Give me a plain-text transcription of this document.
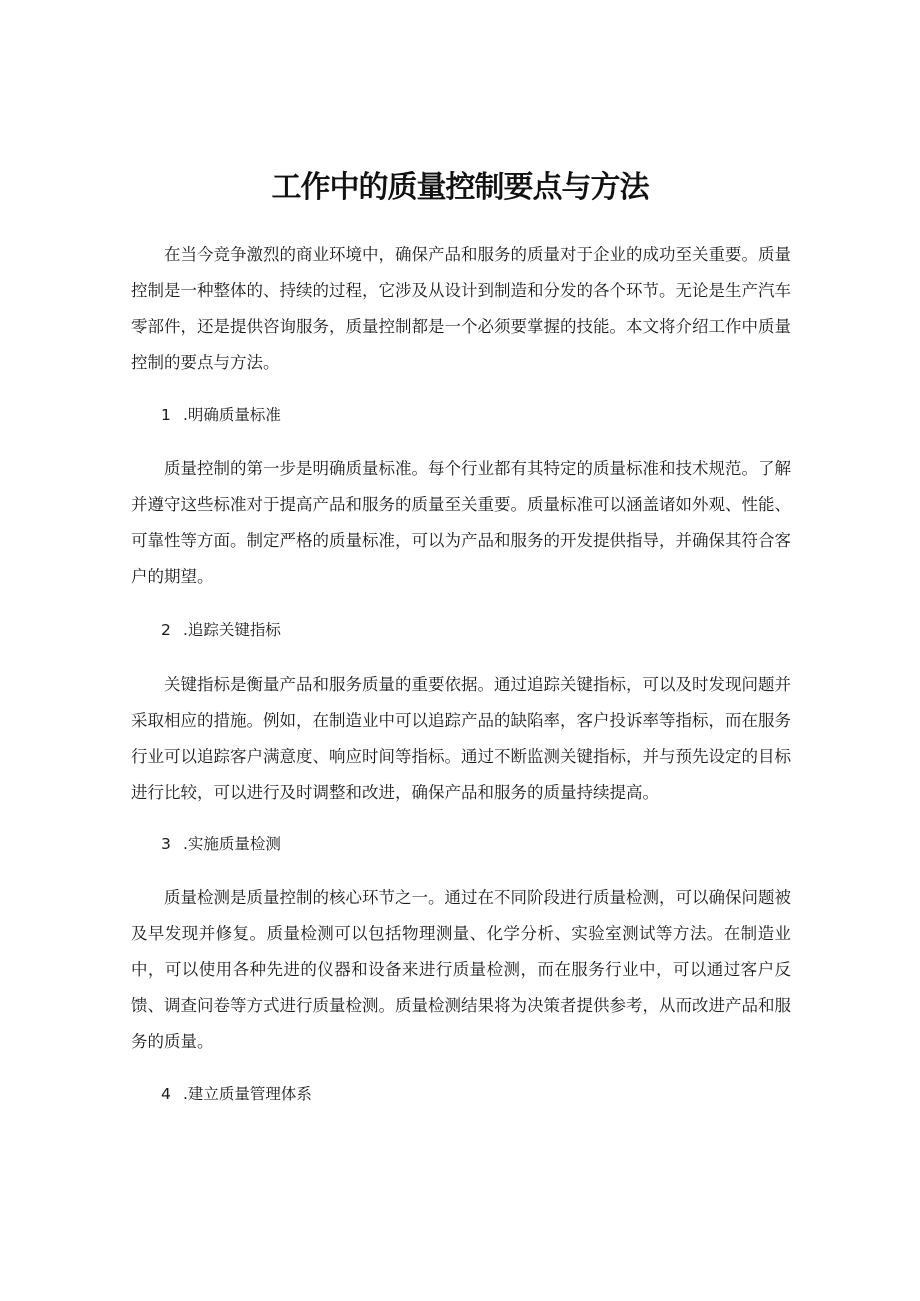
工作中的质量控制要点与方法

在当今竞争激烈的商业环境中，确保产品和服务的质量对于企业的成功至关重要。质量控制是一种整体的、持续的过程，它涉及从设计到制造和分发的各个环节。无论是生产汽车零部件，还是提供咨询服务，质量控制都是一个必须要掌握的技能。本文将介绍工作中质量控制的要点与方法。

1 .明确质量标准

质量控制的第一步是明确质量标准。每个行业都有其特定的质量标准和技术规范。了解并遵守这些标准对于提高产品和服务的质量至关重要。质量标准可以涵盖诸如外观、性能、可靠性等方面。制定严格的质量标准，可以为产品和服务的开发提供指导，并确保其符合客户的期望。

2 .追踪关键指标

关键指标是衡量产品和服务质量的重要依据。通过追踪关键指标，可以及时发现问题并采取相应的措施。例如，在制造业中可以追踪产品的缺陷率，客户投诉率等指标，而在服务行业可以追踪客户满意度、响应时间等指标。通过不断监测关键指标，并与预先设定的目标进行比较，可以进行及时调整和改进，确保产品和服务的质量持续提高。

3 .实施质量检测

质量检测是质量控制的核心环节之一。通过在不同阶段进行质量检测，可以确保问题被及早发现并修复。质量检测可以包括物理测量、化学分析、实验室测试等方法。在制造业中，可以使用各种先进的仪器和设备来进行质量检测，而在服务行业中，可以通过客户反馈、调查问卷等方式进行质量检测。质量检测结果将为决策者提供参考，从而改进产品和服务的质量。

4 .建立质量管理体系
